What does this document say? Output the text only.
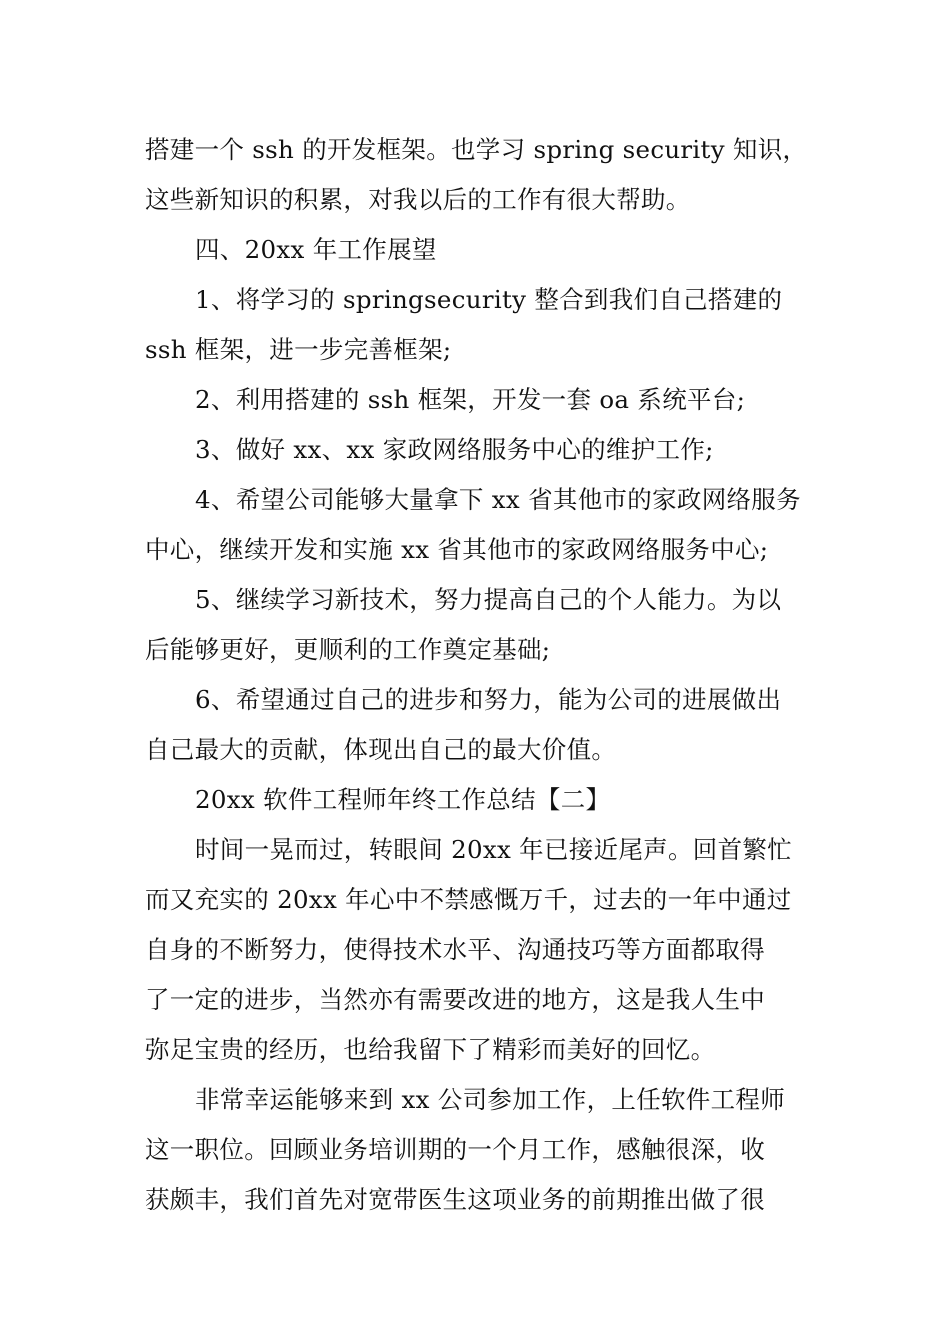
搭建一个 ssh 的开发框架。也学习 spring security 知识，
这些新知识的积累，对我以后的工作有很大帮助。
四、20xx 年工作展望
1、将学习的 springsecurity 整合到我们自己搭建的
ssh 框架，进一步完善框架;
2、利用搭建的 ssh 框架，开发一套 oa 系统平台;
3、做好 xx、xx 家政网络服务中心的维护工作;
4、希望公司能够大量拿下 xx 省其他市的家政网络服务
中心，继续开发和实施 xx 省其他市的家政网络服务中心;
5、继续学习新技术，努力提高自己的个人能力。为以
后能够更好，更顺利的工作奠定基础;
6、希望通过自己的进步和努力，能为公司的进展做出
自己最大的贡献，体现出自己的最大价值。
20xx 软件工程师年终工作总结【二】
时间一晃而过，转眼间 20xx 年已接近尾声。回首繁忙
而又充实的 20xx 年心中不禁感慨万千，过去的一年中通过
自身的不断努力，使得技术水平、沟通技巧等方面都取得
了一定的进步，当然亦有需要改进的地方，这是我人生中
弥足宝贵的经历，也给我留下了精彩而美好的回忆。
非常幸运能够来到 xx 公司参加工作，上任软件工程师
这一职位。回顾业务培训期的一个月工作，感触很深，收
获颇丰，我们首先对宽带医生这项业务的前期推出做了很
